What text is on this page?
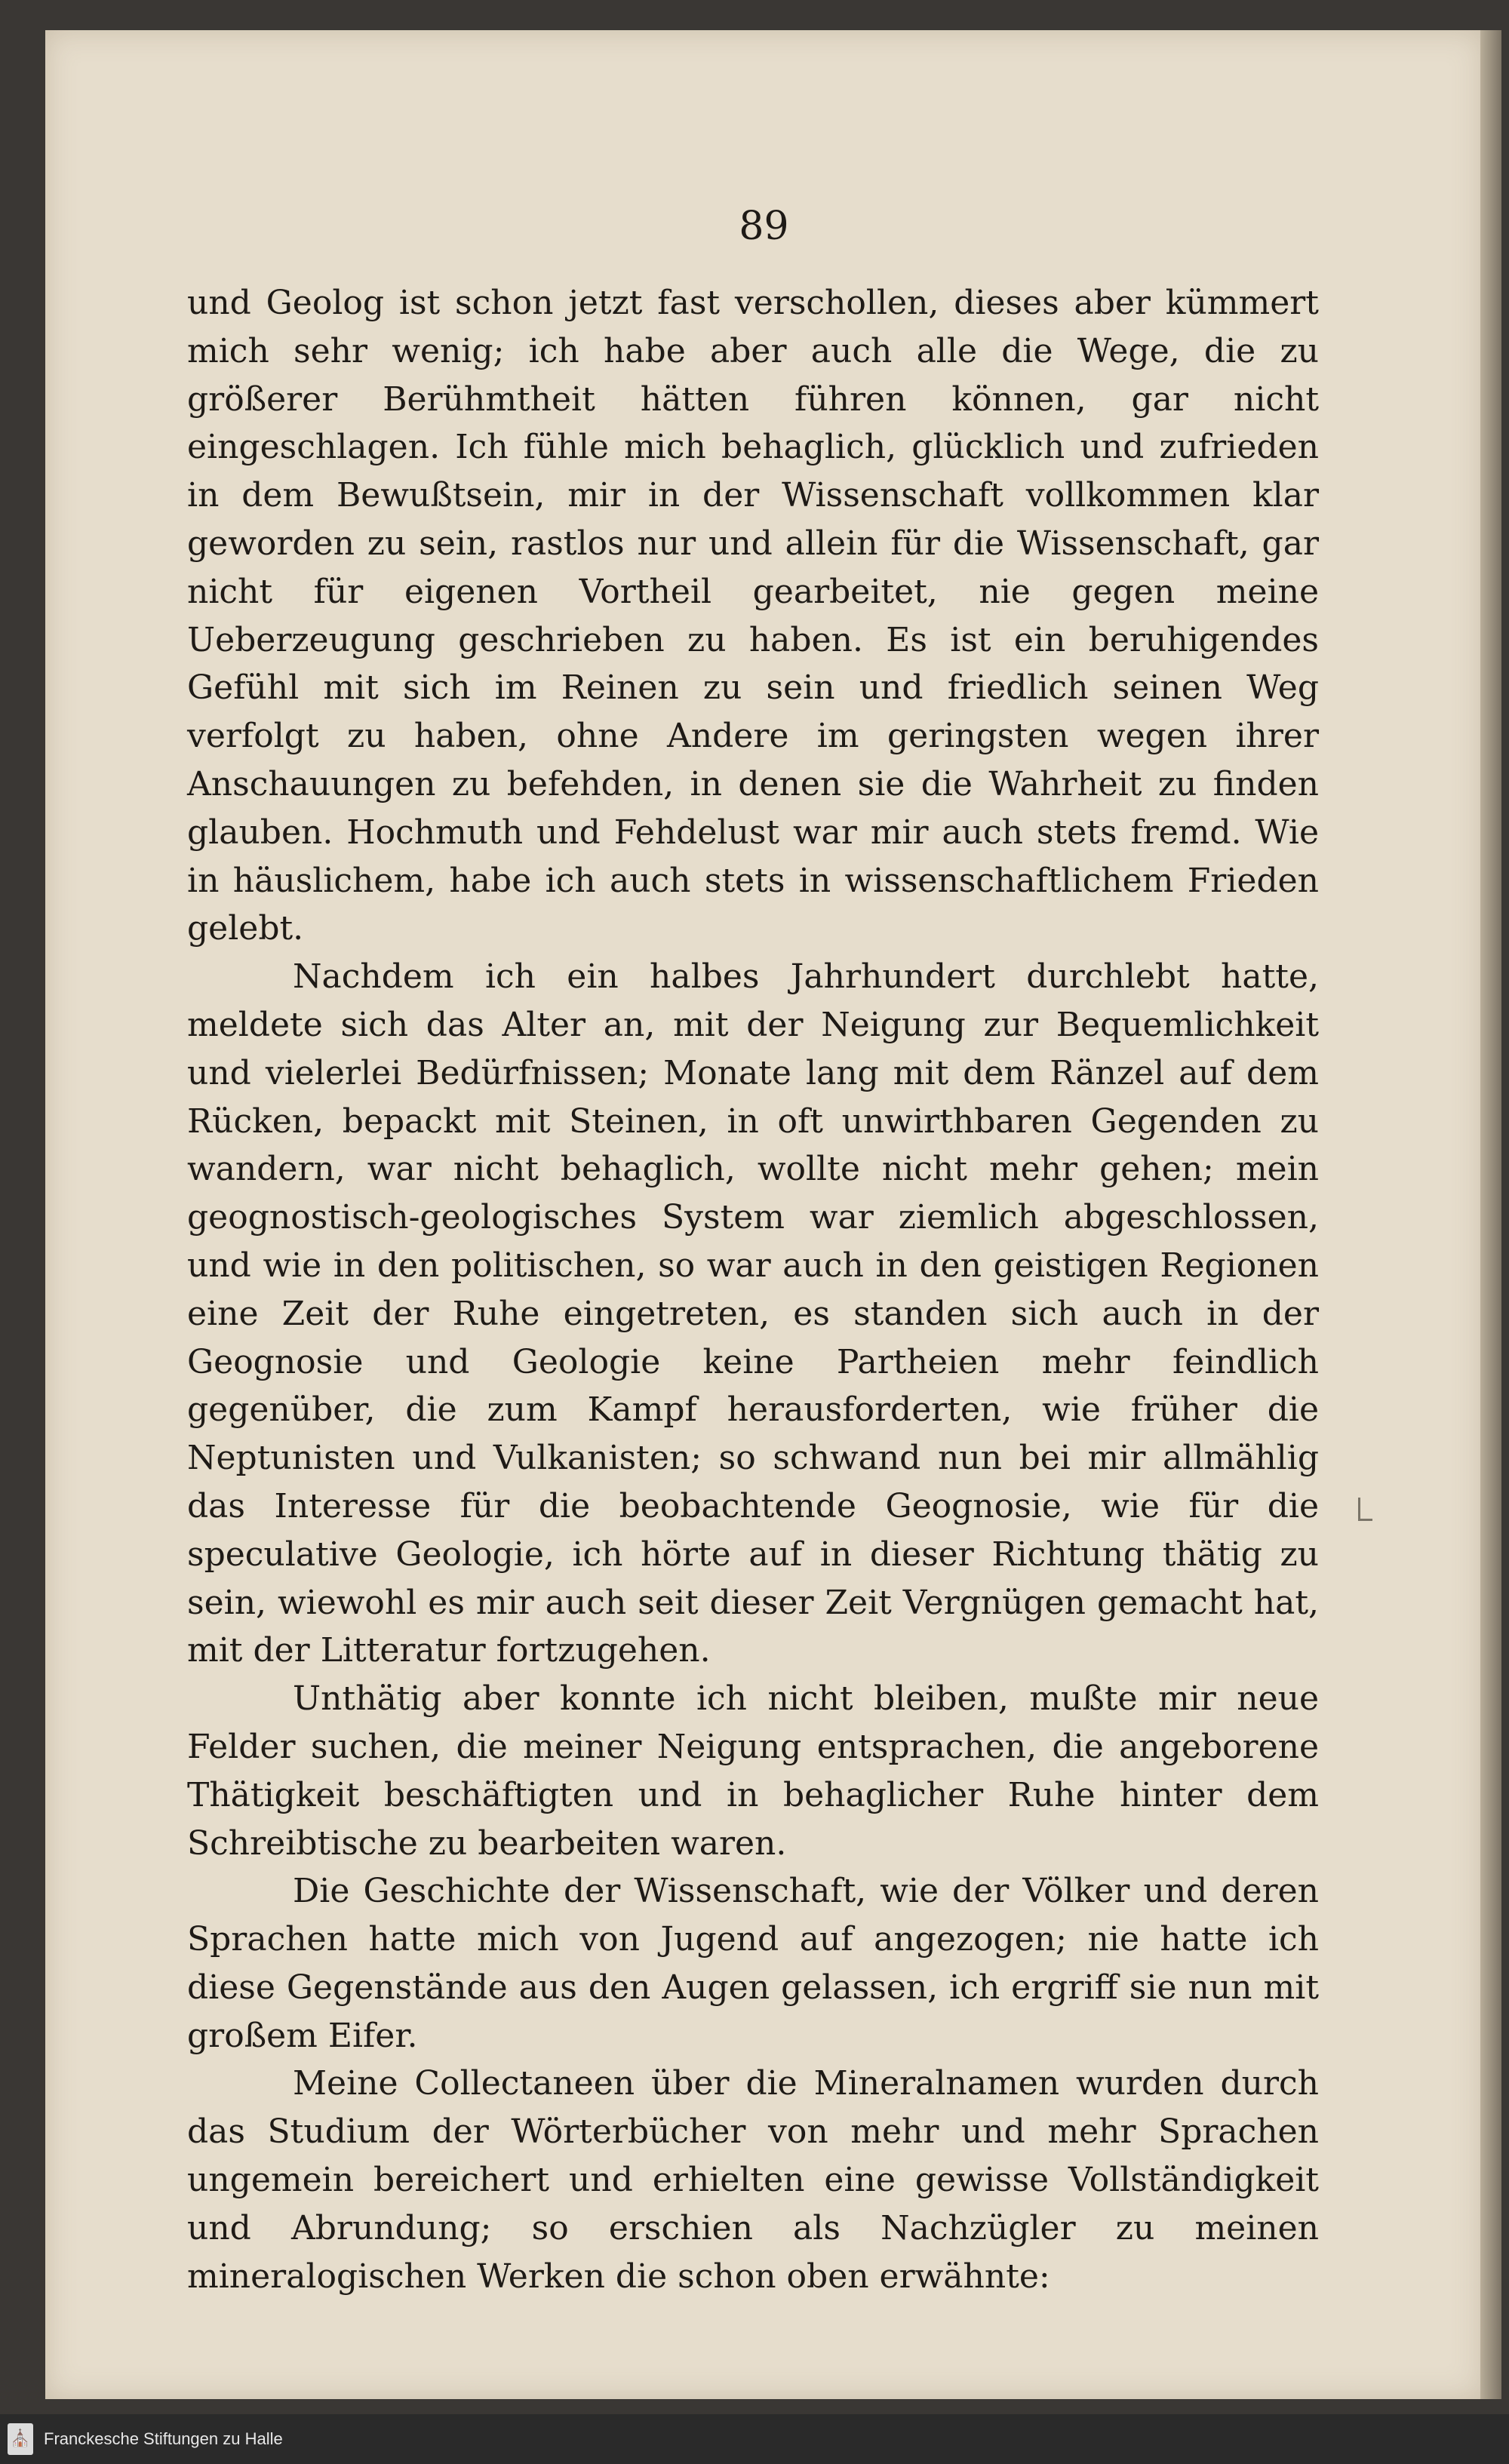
89

und Geolog ist schon jetzt fast verschollen, dieses aber kümmert mich sehr wenig; ich habe aber auch alle die Wege, die zu größerer Berühmtheit hätten führen können, gar nicht eingeschlagen. Ich fühle mich behaglich, glücklich und zufrieden in dem Bewußtsein, mir in der Wissenschaft vollkommen klar geworden zu sein, rastlos nur und allein für die Wissenschaft, gar nicht für eigenen Vortheil gearbeitet, nie gegen meine Ueberzeugung geschrieben zu haben. Es ist ein beruhigendes Gefühl mit sich im Reinen zu sein und friedlich seinen Weg verfolgt zu haben, ohne Andere im geringsten wegen ihrer Anschauungen zu befehden, in denen sie die Wahrheit zu finden glauben. Hochmuth und Fehdelust war mir auch stets fremd. Wie in häuslichem, habe ich auch stets in wissenschaftlichem Frieden gelebt.

Nachdem ich ein halbes Jahrhundert durchlebt hatte, meldete sich das Alter an, mit der Neigung zur Bequemlichkeit und vielerlei Bedürfnissen; Monate lang mit dem Ränzel auf dem Rücken, bepackt mit Steinen, in oft unwirthbaren Gegenden zu wandern, war nicht behaglich, wollte nicht mehr gehen; mein geognostisch-geologisches System war ziemlich abgeschlossen, und wie in den politischen, so war auch in den geistigen Regionen eine Zeit der Ruhe eingetreten, es standen sich auch in der Geognosie und Geologie keine Partheien mehr feindlich gegenüber, die zum Kampf herausforderten, wie früher die Neptunisten und Vulkanisten; so schwand nun bei mir allmählig das Interesse für die beobachtende Geognosie, wie für die speculative Geologie, ich hörte auf in dieser Richtung thätig zu sein, wiewohl es mir auch seit dieser Zeit Vergnügen gemacht hat, mit der Litteratur fortzugehen.

Unthätig aber konnte ich nicht bleiben, mußte mir neue Felder suchen, die meiner Neigung entsprachen, die angeborene Thätigkeit beschäftigten und in behaglicher Ruhe hinter dem Schreibtische zu bearbeiten waren.

Die Geschichte der Wissenschaft, wie der Völker und deren Sprachen hatte mich von Jugend auf angezogen; nie hatte ich diese Gegenstände aus den Augen gelassen, ich ergriff sie nun mit großem Eifer.

Meine Collectaneen über die Mineralnamen wurden durch das Studium der Wörterbücher von mehr und mehr Sprachen ungemein bereichert und erhielten eine gewisse Vollständigkeit und Abrundung; so erschien als Nachzügler zu meinen mineralogischen Werken die schon oben erwähnte:

⛪ Franckesche Stiftungen zu Halle
